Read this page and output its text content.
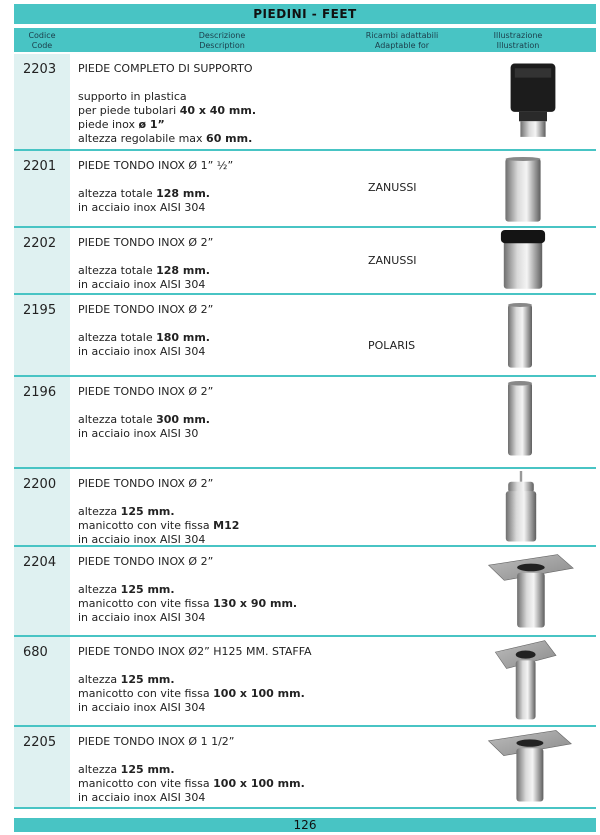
PIEDINI - FEET
Codice
Code
Descrizione
Description
Ricambi adattabili
Adaptable for
Illustrazione
Illustration
2203 PIEDE COMPLETO DI SUPPORTO
supporto in plastica
per piede tubolari 40 x 40 mm.
piede inox ø 1”
altezza regolabile max 60 mm.
2201 PIEDE TONDO INOX Ø 1” ½”
altezza totale 128 mm.
in acciaio inox AISI 304
ZANUSSI
2202 PIEDE TONDO INOX Ø 2”
altezza totale 128 mm.
in acciaio inox AISI 304
ZANUSSI
2195 PIEDE TONDO INOX Ø 2”
altezza totale 180 mm.
in acciaio inox AISI 304	POLARIS
2196 PIEDE TONDO INOX Ø 2”
altezza totale 300 mm.
in acciaio inox AISI 30
2200 PIEDE TONDO INOX Ø 2”
altezza 125 mm.
manicotto con vite fissa M12
in acciaio inox AISI 304
2204 PIEDE TONDO INOX Ø 2”
altezza 125 mm.
manicotto con vite fissa 130 x 90 mm.
in acciaio inox AISI 304
680	PIEDE TONDO INOX Ø2” H125 MM. STAFFA
altezza 125 mm.
manicotto con vite fissa 100 x 100 mm.
in acciaio inox AISI 304
2205 PIEDE TONDO INOX Ø 1 1/2”
altezza 125 mm.
manicotto con vite fissa 100 x 100 mm.
in acciaio inox AISI 304
126
